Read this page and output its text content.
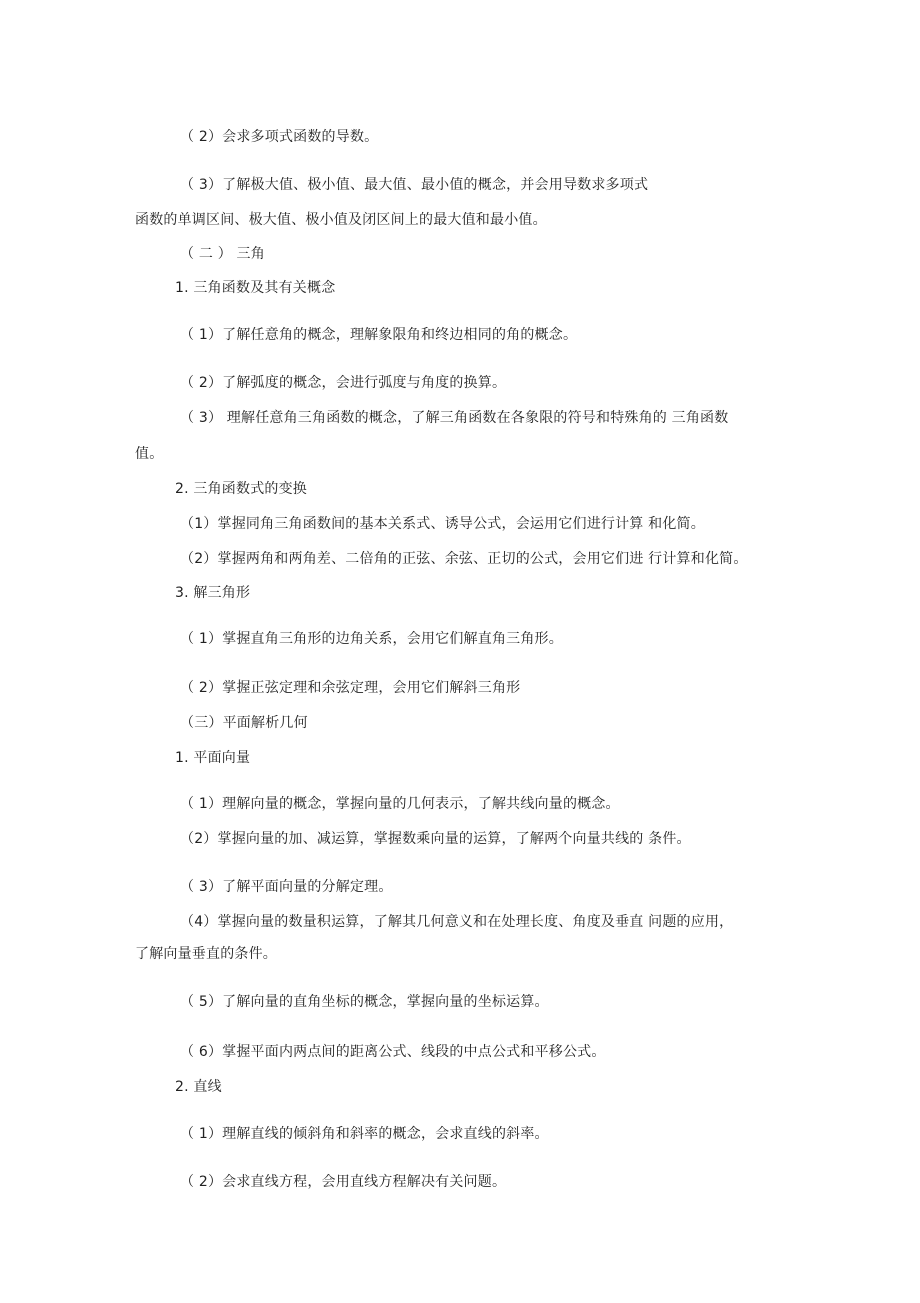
（ 2）会求多项式函数的导数。
（ 3）了解极大值、极小值、最大值、最小值的概念，并会用导数求多项式
函数的单调区间、极大值、极小值及闭区间上的最大值和最小值。
（ 二 ） 三角
1. 三角函数及其有关概念
（ 1）了解任意角的概念，理解象限角和终边相同的角的概念。
（ 2）了解弧度的概念，会进行弧度与角度的换算。
（ 3） 理解任意角三角函数的概念，了解三角函数在各象限的符号和特殊角的 三角函数
值。
2. 三角函数式的变换
（1）掌握同角三角函数间的基本关系式、诱导公式，会运用它们进行计算 和化简。
（2）掌握两角和两角差、二倍角的正弦、余弦、正切的公式，会用它们进 行计算和化简。
3. 解三角形
（ 1）掌握直角三角形的边角关系，会用它们解直角三角形。
（ 2）掌握正弦定理和余弦定理，会用它们解斜三角形
（三）平面解析几何
1. 平面向量
（ 1）理解向量的概念，掌握向量的几何表示，了解共线向量的概念。
（2）掌握向量的加、减运算，掌握数乘向量的运算，了解两个向量共线的 条件。
（ 3）了解平面向量的分解定理。
（4）掌握向量的数量积运算，了解其几何意义和在处理长度、角度及垂直 问题的应用，
了解向量垂直的条件。
（ 5）了解向量的直角坐标的概念，掌握向量的坐标运算。
（ 6）掌握平面内两点间的距离公式、线段的中点公式和平移公式。
2. 直线
（ 1）理解直线的倾斜角和斜率的概念，会求直线的斜率。
（ 2）会求直线方程，会用直线方程解决有关问题。
